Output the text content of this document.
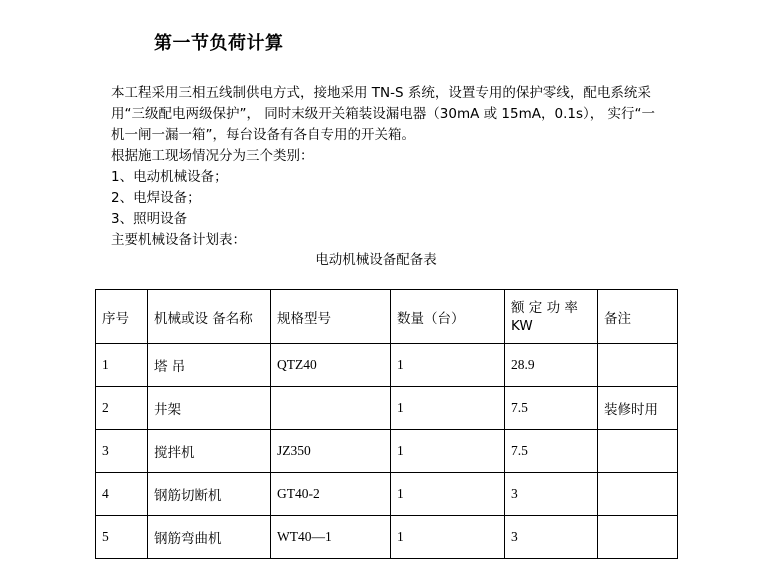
第一节负荷计算
本工程采用三相五线制供电方式，接地采用 TN-S 系统，设置专用的保护零线，配电系统采
用“三级配电两级保护”， 同时末级开关箱装设漏电器（30mA 或 15mA，0.1s）， 实行“一
机一闸一漏一箱”，每台设备有各自专用的开关箱。
根据施工现场情况分为三个类别：
1、电动机械设备；
2、电焊设备；
3、照明设备
主要机械设备计划表：
电动机械设备配备表
序号	机械或设 备名称	规格型号	数量（台）	额 定 功 率 KW	备注
1	塔 吊	QTZ40	1	28.9	
2	井架		1	7.5	装修时用
3	搅拌机	JZ350	1	7.5	
4	钢筋切断机	GT40-2	1	3	
5	钢筋弯曲机	WT40—1	1	3	
